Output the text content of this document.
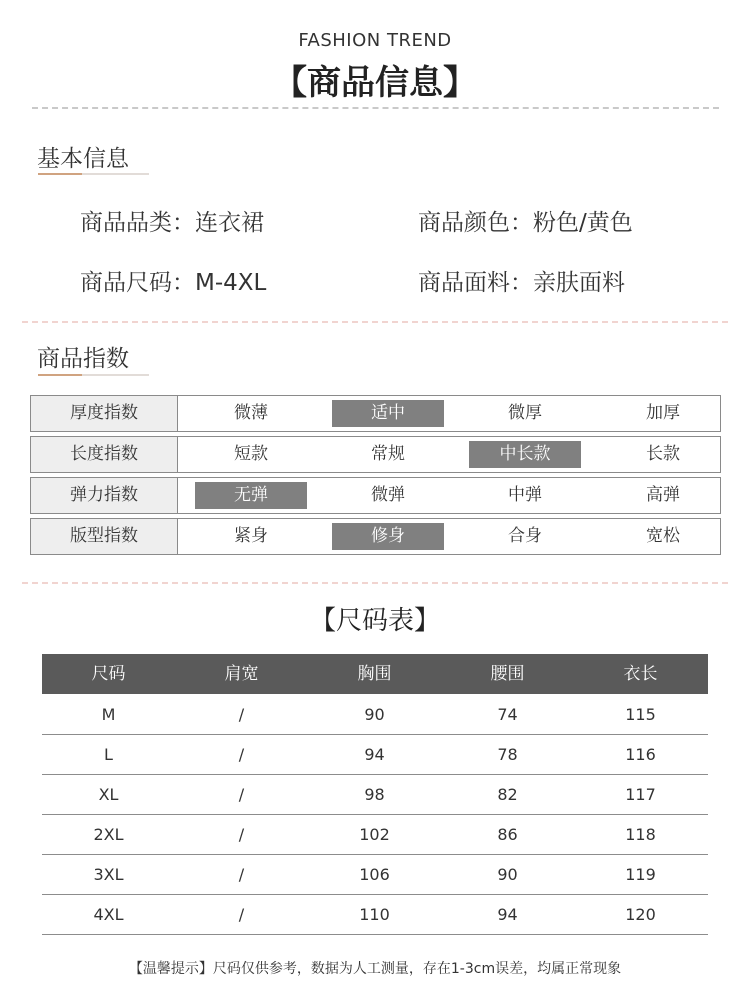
FASHION TREND
【商品信息】
基本信息
商品品类：连衣裙	商品颜色：粉色/黄色
商品尺码：M-4XL	商品面料：亲肤面料
商品指数
厚度指数	微薄	适中	微厚	加厚
长度指数	短款	常规	中长款	长款
弹力指数	无弹	微弹	中弹	高弹
版型指数	紧身	修身	合身	宽松
【尺码表】
尺码	肩宽	胸围	腰围	衣长
M	/	90	74	115
L	/	94	78	116
XL	/	98	82	117
2XL	/	102	86	118
3XL	/	106	90	119
4XL	/	110	94	120
【温馨提示】尺码仅供参考，数据为人工测量，存在1-3cm误差，均属正常现象
